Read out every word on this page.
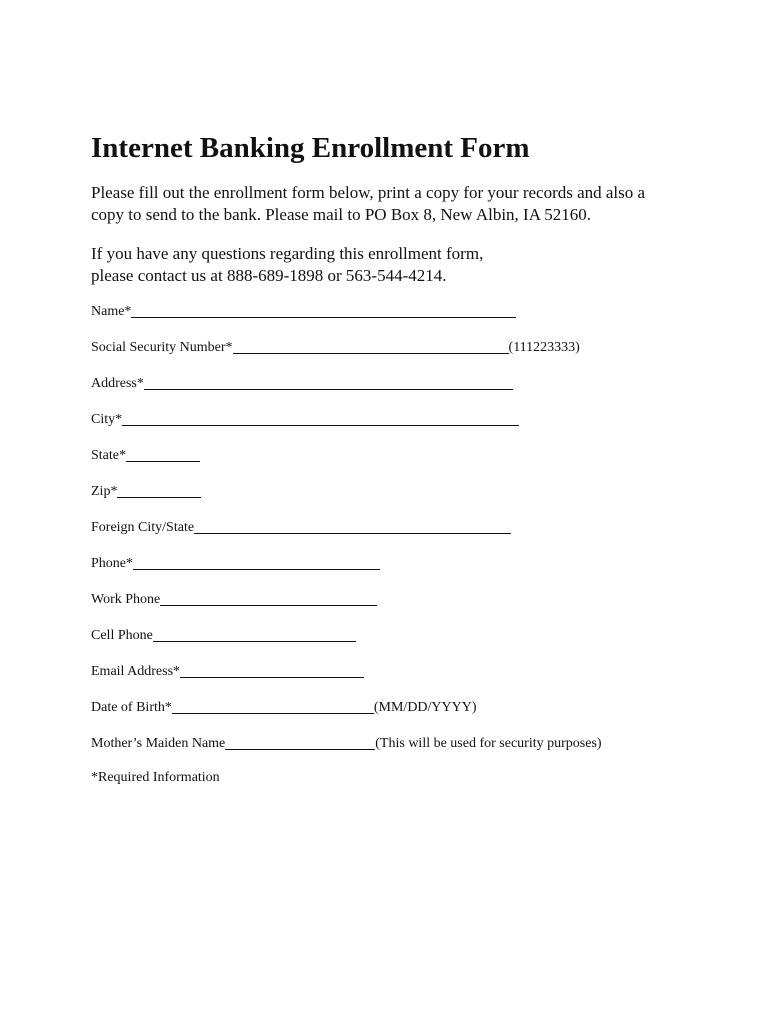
Internet Banking Enrollment Form

Please fill out the enrollment form below, print a copy for your records and also a
copy to send to the bank. Please mail to PO Box 8, New Albin, IA 52160.

If you have any questions regarding this enrollment form,
please contact us at 888-689-1898 or 563-544-4214.

Name*
Social Security Number*	(111223333)
Address*
City*
State*
Zip*
Foreign City/State
Phone*
Work Phone
Cell Phone
Email Address*
Date of Birth*	(MM/DD/YYYY)
Mother’s Maiden Name	(This will be used for security purposes)

*Required Information
